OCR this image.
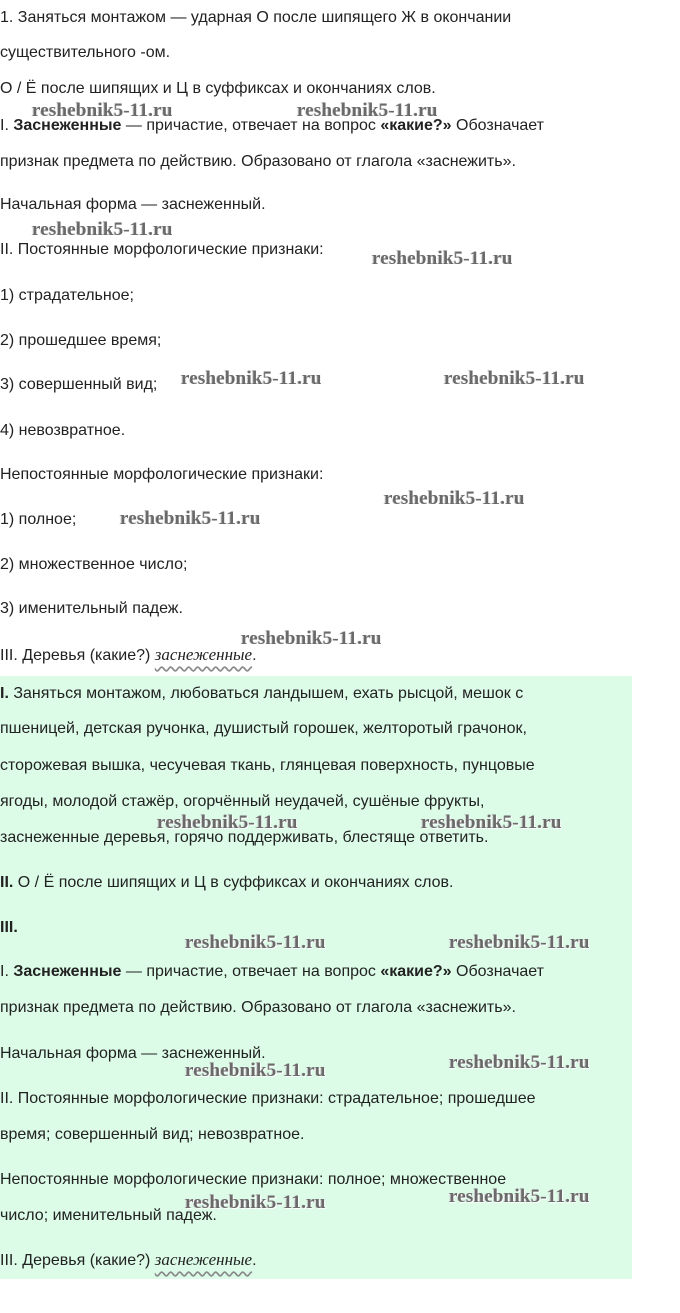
1. Заняться монтажом — ударная О после шипящего Ж в окончании
существительного -ом.
О / Ё после шипящих и Ц в суффиксах и окончаниях слов.
I. Заснеженные — причастие, отвечает на вопрос «какие?» Обозначает
признак предмета по действию. Образовано от глагола «заснежить».
Начальная форма — заснеженный.
II. Постоянные морфологические признаки:
1) страдательное;
2) прошедшее время;
3) совершенный вид;
4) невозвратное.
Непостоянные морфологические признаки:
1) полное;
2) множественное число;
3) именительный падеж.
III. Деревья (какие?) заснеженные.
I. Заняться монтажом, любоваться ландышем, ехать рысцой, мешок с
пшеницей, детская ручонка, душистый горошек, желторотый грачонок,
сторожевая вышка, чесучевая ткань, глянцевая поверхность, пунцовые
ягоды, молодой стажёр, огорчённый неудачей, сушёные фрукты,
заснеженные деревья, горячо поддерживать, блестяще ответить.
II. О / Ё после шипящих и Ц в суффиксах и окончаниях слов.
III.
I. Заснеженные — причастие, отвечает на вопрос «какие?» Обозначает
признак предмета по действию. Образовано от глагола «заснежить».
Начальная форма — заснеженный.
II. Постоянные морфологические признаки: страдательное; прошедшее
время; совершенный вид; невозвратное.
Непостоянные морфологические признаки: полное; множественное
число; именительный падеж.
III. Деревья (какие?) заснеженные.
reshebnik5-11.ru	reshebnik5-11.ru
reshebnik5-11.ru
reshebnik5-11.ru
reshebnik5-11.ru	reshebnik5-11.ru
reshebnik5-11.ru
reshebnik5-11.ru
reshebnik5-11.ru
reshebnik5-11.ru	reshebnik5-11.ru
reshebnik5-11.ru	reshebnik5-11.ru
reshebnik5-11.ru
reshebnik5-11.ru
reshebnik5-11.ru
reshebnik5-11.ru
